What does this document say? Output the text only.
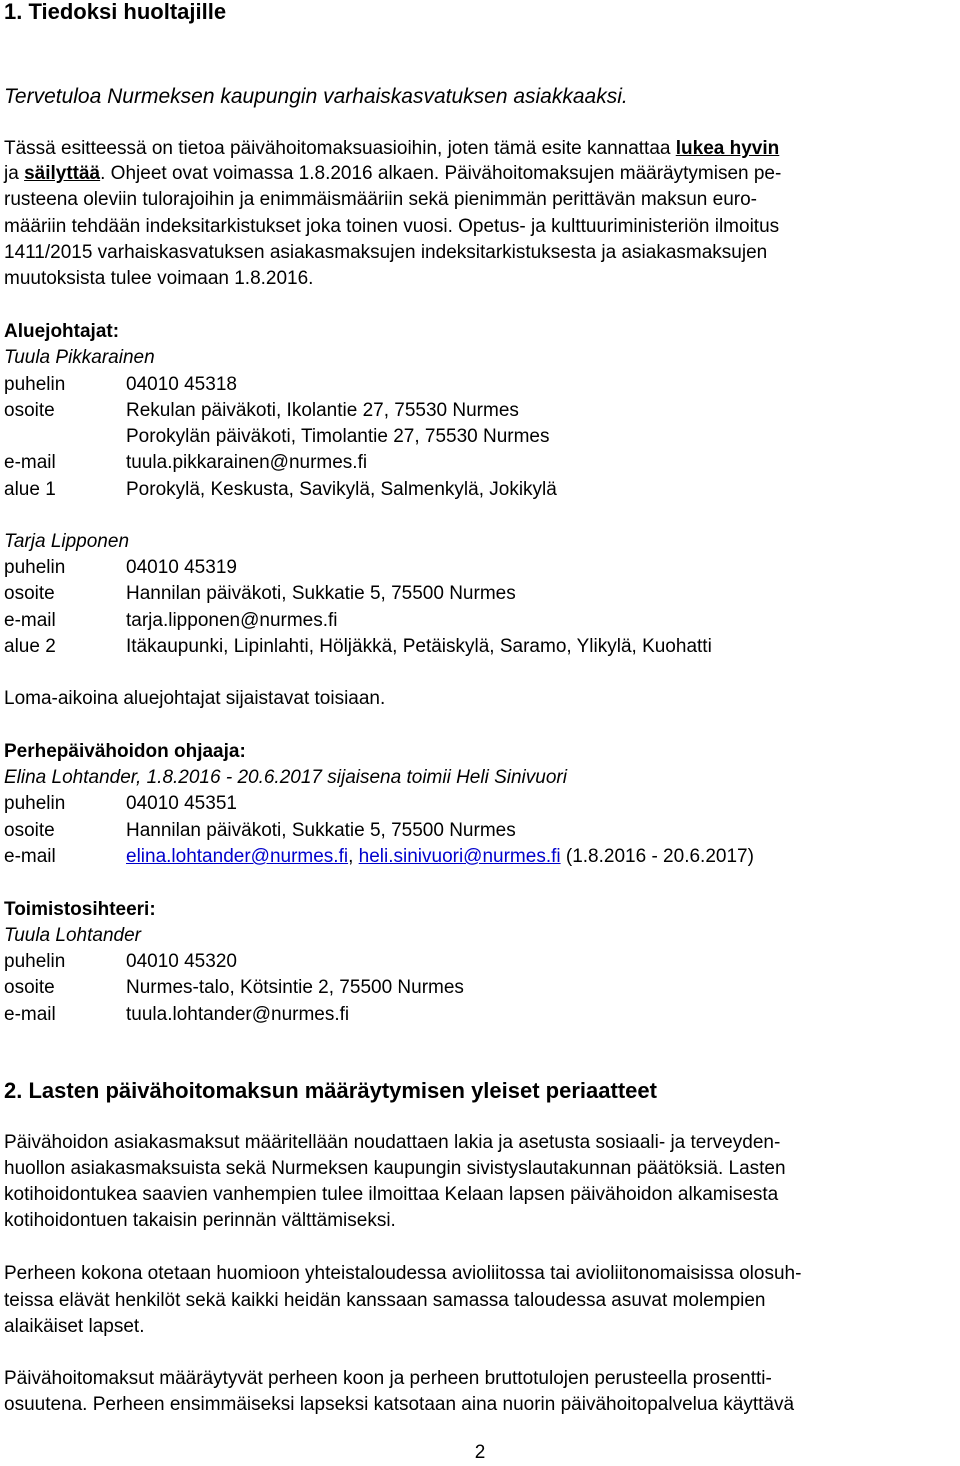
1. Tiedoksi huoltajille
Tervetuloa Nurmeksen kaupungin varhaiskasvatuksen asiakkaaksi.
Tässä esitteessä on tietoa päivähoitomaksuasioihin, joten tämä esite kannattaa lukea hyvin
ja säilyttää. Ohjeet ovat voimassa 1.8.2016 alkaen. Päivähoitomaksujen määräytymisen pe-
rusteena oleviin tulorajoihin ja enimmäismääriin sekä pienimmän perittävän maksun euro-
määriin tehdään indeksitarkistukset joka toinen vuosi. Opetus- ja kulttuuriministeriön ilmoitus
1411/2015 varhaiskasvatuksen asiakasmaksujen indeksitarkistuksesta ja asiakasmaksujen
muutoksista tulee voimaan 1.8.2016.
Aluejohtajat:
Tuula Pikkarainen
puhelin	04010 45318
osoite	Rekulan päiväkoti, Ikolantie 27, 75530 Nurmes
Porokylän päiväkoti, Timolantie 27, 75530 Nurmes
e-mail	tuula.pikkarainen@nurmes.fi
alue 1	Porokylä, Keskusta, Savikylä, Salmenkylä, Jokikylä
Tarja Lipponen
puhelin	04010 45319
osoite	Hannilan päiväkoti, Sukkatie 5, 75500 Nurmes
e-mail	tarja.lipponen@nurmes.fi
alue 2	Itäkaupunki, Lipinlahti, Höljäkkä, Petäiskylä, Saramo, Ylikylä, Kuohatti
Loma-aikoina aluejohtajat sijaistavat toisiaan.
Perhepäivähoidon ohjaaja:
Elina Lohtander, 1.8.2016 - 20.6.2017 sijaisena toimii Heli Sinivuori
puhelin	04010 45351
osoite	Hannilan päiväkoti, Sukkatie 5, 75500 Nurmes
e-mail	elina.lohtander@nurmes.fi, heli.sinivuori@nurmes.fi (1.8.2016 - 20.6.2017)
Toimistosihteeri:
Tuula Lohtander
puhelin	04010 45320
osoite	Nurmes-talo, Kötsintie 2, 75500 Nurmes
e-mail	tuula.lohtander@nurmes.fi
2. Lasten päivähoitomaksun määräytymisen yleiset periaatteet
Päivähoidon asiakasmaksut määritellään noudattaen lakia ja asetusta sosiaali- ja terveyden-
huollon asiakasmaksuista sekä Nurmeksen kaupungin sivistyslautakunnan päätöksiä. Lasten
kotihoidontukea saavien vanhempien tulee ilmoittaa Kelaan lapsen päivähoidon alkamisesta
kotihoidontuen takaisin perinnän välttämiseksi.
Perheen kokona otetaan huomioon yhteistaloudessa avioliitossa tai avioliitonomaisissa olosuh-
teissa elävät henkilöt sekä kaikki heidän kanssaan samassa taloudessa asuvat molempien
alaikäiset lapset.
Päivähoitomaksut määräytyvät perheen koon ja perheen bruttotulojen perusteella prosentti-
osuutena. Perheen ensimmäiseksi lapseksi katsotaan aina nuorin päivähoitopalvelua käyttävä
2
